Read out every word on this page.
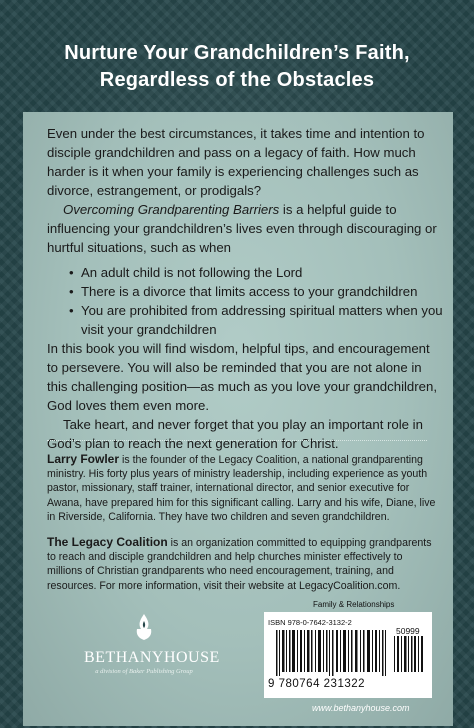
Nurture Your Grandchildren’s Faith,
Regardless of the Obstacles

Even under the best circumstances, it takes time and intention to disciple grandchildren and pass on a legacy of faith. How much harder is it when your family is experiencing challenges such as divorce, estrangement, or prodigals?

Overcoming Grandparenting Barriers is a helpful guide to influencing your grandchildren’s lives even through discouraging or hurtful situations, such as when

• An adult child is not following the Lord
• There is a divorce that limits access to your grandchildren
• You are prohibited from addressing spiritual matters when you visit your grandchildren

In this book you will find wisdom, helpful tips, and encouragement to persevere. You will also be reminded that you are not alone in this challenging position—as much as you love your grandchildren, God loves them even more.

Take heart, and never forget that you play an important role in God’s plan to reach the next generation for Christ.

Larry Fowler is the founder of the Legacy Coalition, a national grandparenting ministry. His forty plus years of ministry leadership, including experience as youth pastor, missionary, staff trainer, international director, and senior executive for Awana, have prepared him for this significant calling. Larry and his wife, Diane, live in Riverside, California. They have two children and seven grandchildren.

The Legacy Coalition is an organization committed to equipping grandparents to reach and disciple grandchildren and help churches minister effectively to millions of Christian grandparents who need encouragement, training, and resources. For more information, visit their website at LegacyCoalition.com.

BETHANYHOUSE
a division of Baker Publishing Group
Family & Relationships
ISBN 978-0-7642-3132-2
50999
9 780764 231322
www.bethanyhouse.com
